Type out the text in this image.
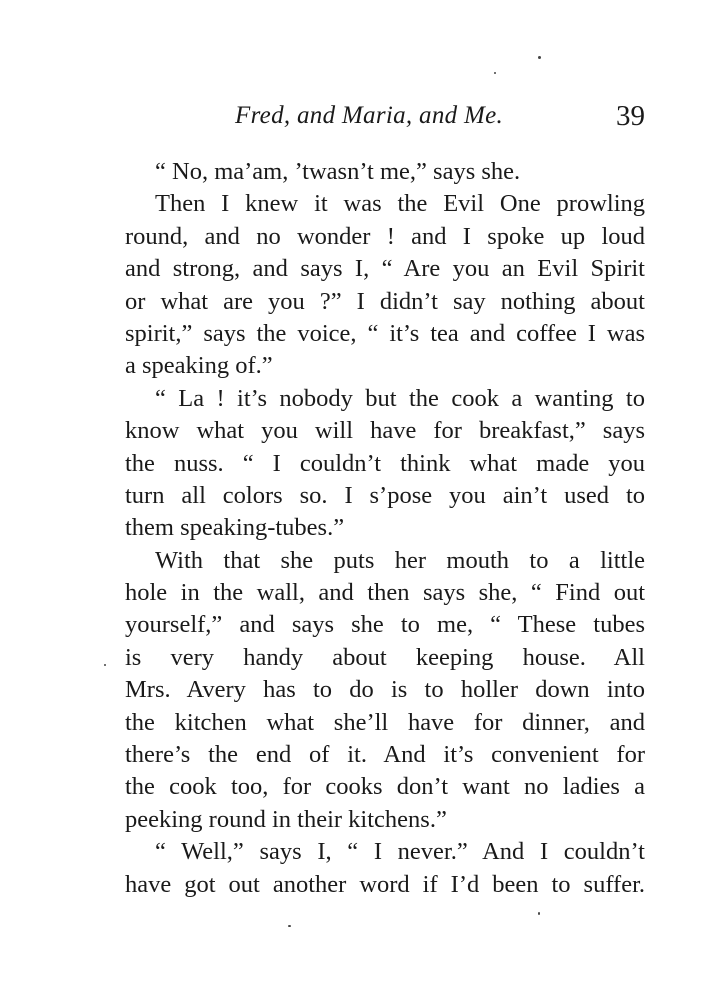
Fred, and Maria, and Me.	39
“ No, ma’am, ’twasn’t me,” says she.
Then I knew it was the Evil One prowling
round, and no wonder ! and I spoke up loud
and strong, and says I, “ Are you an Evil Spirit
or what are you ?” I didn’t say nothing about
spirit,” says the voice, “ it’s tea and coffee I was
a speaking of.”
“ La ! it’s nobody but the cook a wanting to
know what you will have for breakfast,” says
the nuss. “ I couldn’t think what made you
turn all colors so. I s’pose you ain’t used to
them speaking-tubes.”
With that she puts her mouth to a little
hole in the wall, and then says she, “ Find out
yourself,” and says she to me, “ These tubes
is very handy about keeping house. All
Mrs. Avery has to do is to holler down into
the kitchen what she’ll have for dinner, and
there’s the end of it. And it’s convenient for
the cook too, for cooks don’t want no ladies a
peeking round in their kitchens.”
“ Well,” says I, “ I never.” And I couldn’t
have got out another word if I’d been to suffer.
